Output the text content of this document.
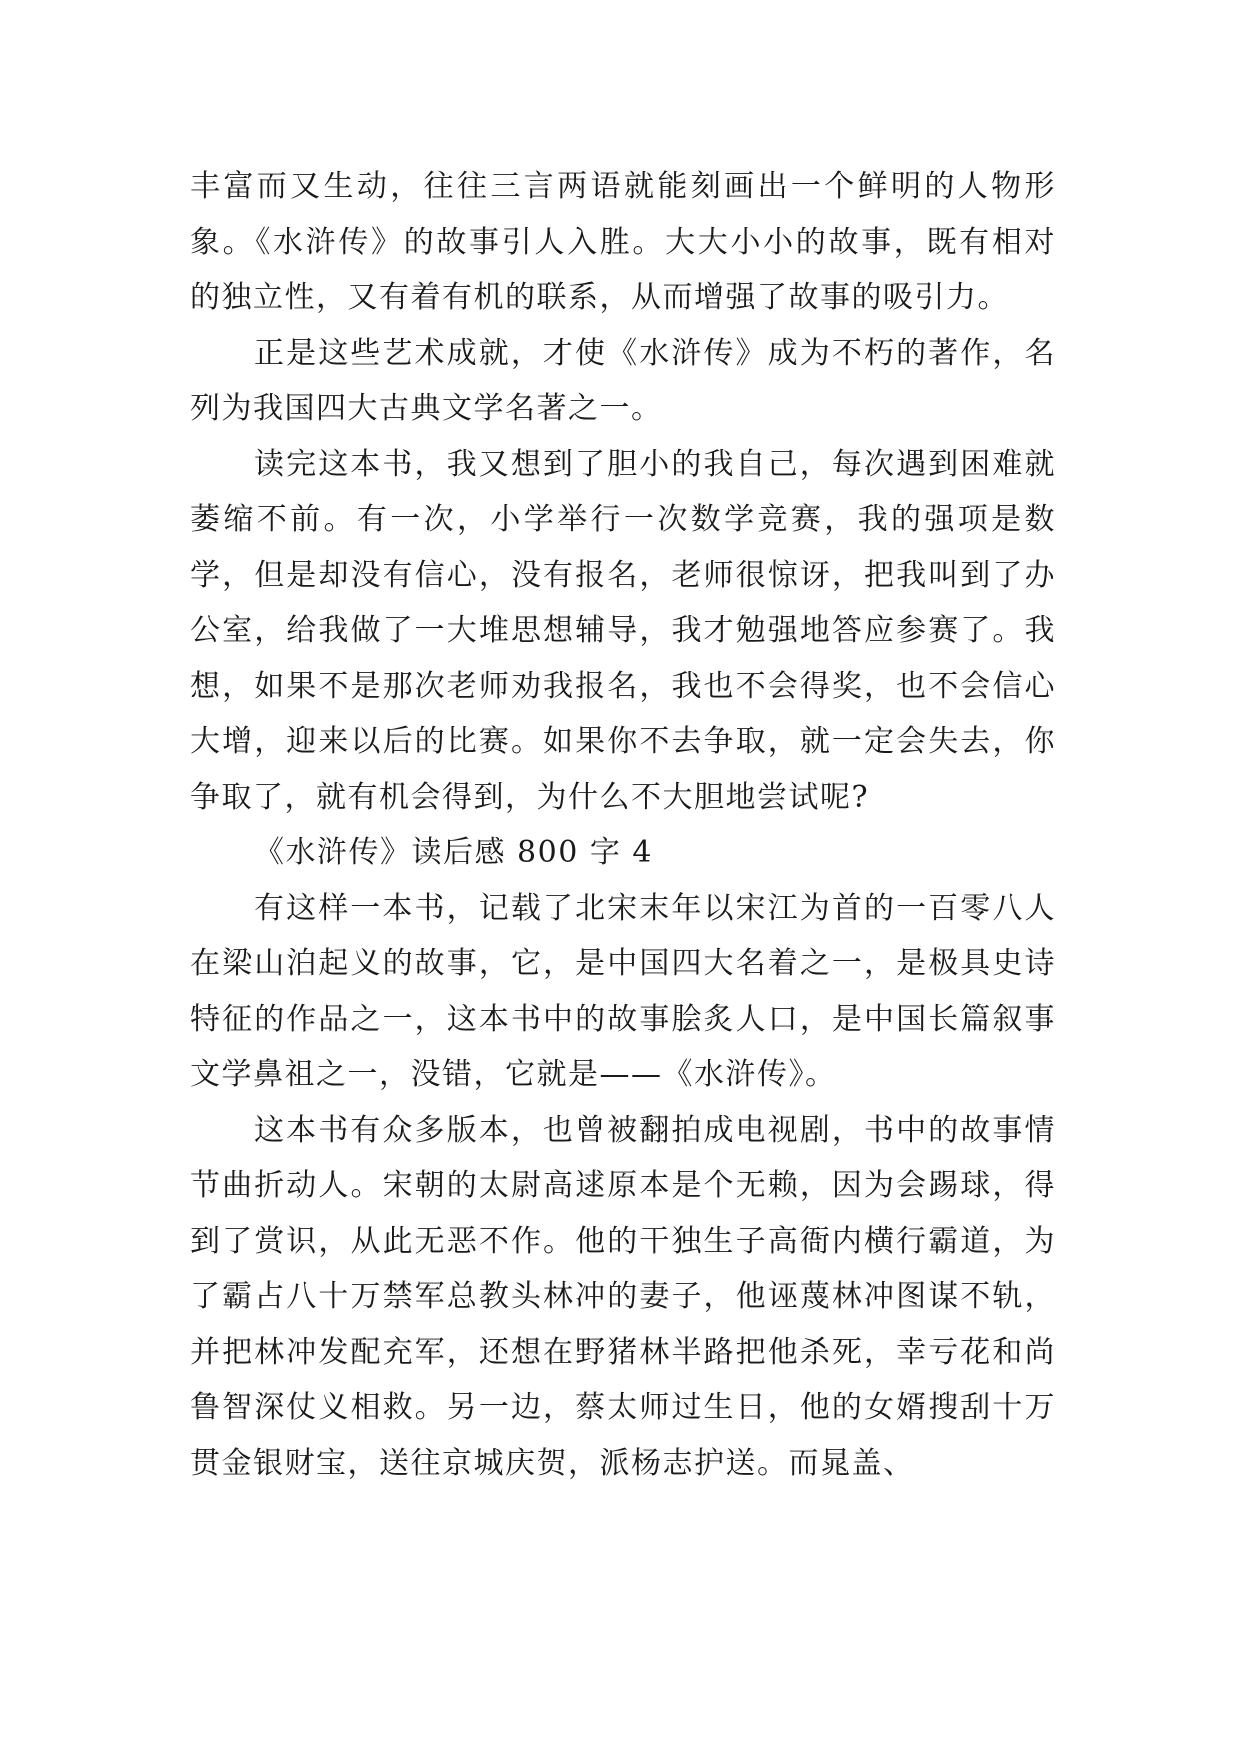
丰富而又生动，往往三言两语就能刻画出一个鲜明的人物形象。《水浒传》的故事引人入胜。大大小小的故事，既有相对的独立性，又有着有机的联系，从而增强了故事的吸引力。

正是这些艺术成就，才使《水浒传》成为不朽的著作，名列为我国四大古典文学名著之一。

读完这本书，我又想到了胆小的我自己，每次遇到困难就萎缩不前。有一次，小学举行一次数学竞赛，我的强项是数学，但是却没有信心，没有报名，老师很惊讶，把我叫到了办公室，给我做了一大堆思想辅导，我才勉强地答应参赛了。我想，如果不是那次老师劝我报名，我也不会得奖，也不会信心大增，迎来以后的比赛。如果你不去争取，就一定会失去，你争取了，就有机会得到，为什么不大胆地尝试呢?

《水浒传》读后感 800 字 4

有这样一本书，记载了北宋末年以宋江为首的一百零八人在梁山泊起义的故事，它，是中国四大名着之一，是极具史诗特征的作品之一，这本书中的故事脍炙人口，是中国长篇叙事文学鼻祖之一，没错，它就是——《水浒传》。

这本书有众多版本，也曾被翻拍成电视剧，书中的故事情节曲折动人。宋朝的太尉高逑原本是个无赖，因为会踢球，得到了赏识，从此无恶不作。他的干独生子高衙内横行霸道，为了霸占八十万禁军总教头林冲的妻子，他诬蔑林冲图谋不轨，并把林冲发配充军，还想在野猪林半路把他杀死，幸亏花和尚鲁智深仗义相救。另一边，蔡太师过生日，他的女婿搜刮十万贯金银财宝，送往京城庆贺，派杨志护送。而晁盖、
